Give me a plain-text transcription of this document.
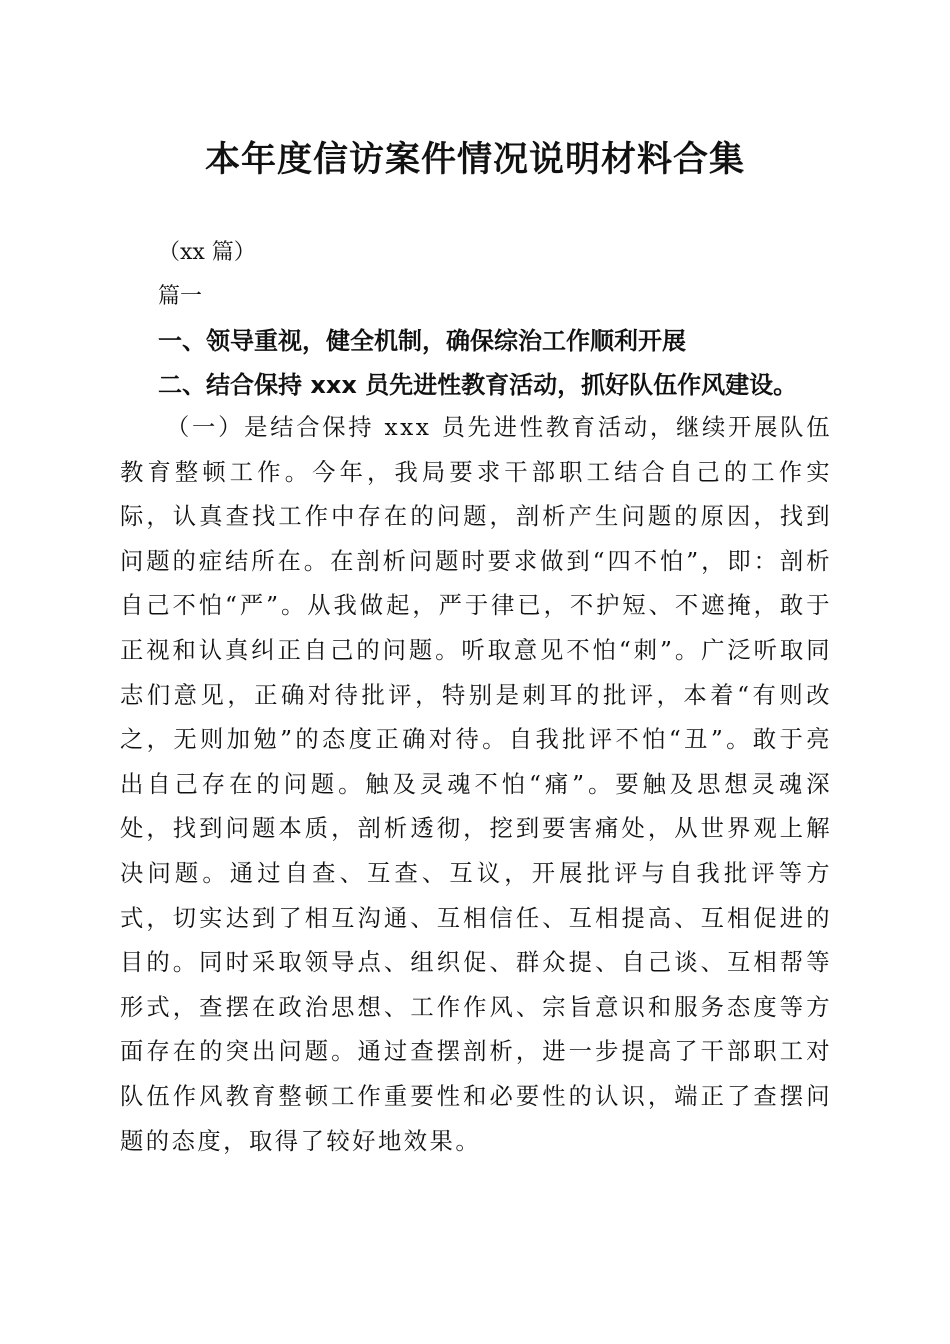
本年度信访案件情况说明材料合集

（xx 篇）

篇一

一、领导重视，健全机制，确保综治工作顺利开展

二、结合保持 xxx 员先进性教育活动，抓好队伍作风建设。

（一）是结合保持 xxx 员先进性教育活动，继续开展队伍教育整顿工作。今年，我局要求干部职工结合自己的工作实际，认真查找工作中存在的问题，剖析产生问题的原因，找到问题的症结所在。在剖析问题时要求做到“四不怕”，即：剖析自己不怕“严”。从我做起，严于律已，不护短、不遮掩，敢于正视和认真纠正自己的问题。听取意见不怕“刺”。广泛听取同志们意见，正确对待批评，特别是刺耳的批评，本着“有则改之，无则加勉”的态度正确对待。自我批评不怕“丑”。敢于亮出自己存在的问题。触及灵魂不怕“痛”。要触及思想灵魂深处，找到问题本质，剖析透彻，挖到要害痛处，从世界观上解决问题。通过自查、互查、互议，开展批评与自我批评等方式，切实达到了相互沟通、互相信任、互相提高、互相促进的目的。同时采取领导点、组织促、群众提、自己谈、互相帮等形式，查摆在政治思想、工作作风、宗旨意识和服务态度等方面存在的突出问题。通过查摆剖析，进一步提高了干部职工对队伍作风教育整顿工作重要性和必要性的认识，端正了查摆问题的态度，取得了较好地效果。
